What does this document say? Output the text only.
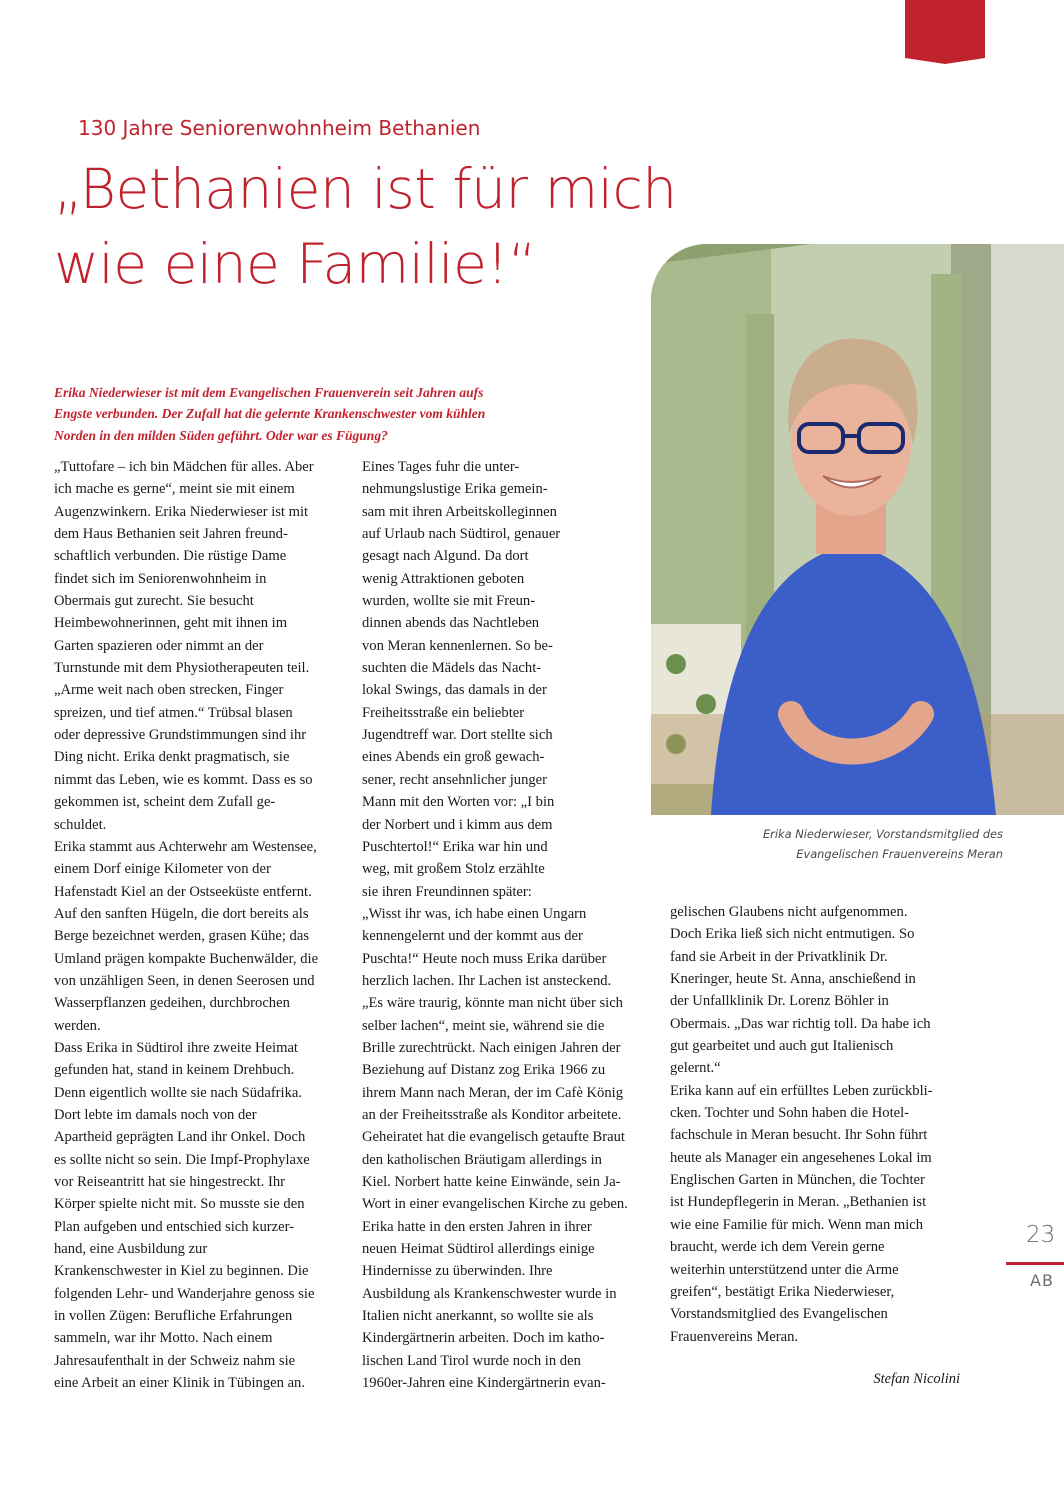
130 Jahre Seniorenwohnheim Bethanien
„Bethanien ist für mich
wie eine Familie!“
Erika Niederwieser ist mit dem Evangelischen Frauenverein seit Jahren aufs
Engste verbunden. Der Zufall hat die gelernte Krankenschwester vom kühlen
Norden in den milden Süden geführt. Oder war es Fügung?
„Tuttofare – ich bin Mädchen für alles. Aber
ich mache es gerne“, meint sie mit einem
Augenzwinkern. Erika Niederwieser ist mit
dem Haus Bethanien seit Jahren freund-
schaftlich verbunden. Die rüstige Dame
findet sich im Seniorenwohnheim in
Obermais gut zurecht. Sie besucht
Heimbewohnerinnen, geht mit ihnen im
Garten spazieren oder nimmt an der
Turnstunde mit dem Physiotherapeuten teil.
„Arme weit nach oben strecken, Finger
spreizen, und tief atmen.“ Trübsal blasen
oder depressive Grundstimmungen sind ihr
Ding nicht. Erika denkt pragmatisch, sie
nimmt das Leben, wie es kommt. Dass es so
gekommen ist, scheint dem Zufall ge-
schuldet.
Erika stammt aus Achterwehr am Westensee,
einem Dorf einige Kilometer von der
Hafenstadt Kiel an der Ostseeküste entfernt.
Auf den sanften Hügeln, die dort bereits als
Berge bezeichnet werden, grasen Kühe; das
Umland prägen kompakte Buchenwälder, die
von unzähligen Seen, in denen Seerosen und
Wasserpflanzen gedeihen, durchbrochen
werden.
Dass Erika in Südtirol ihre zweite Heimat
gefunden hat, stand in keinem Drehbuch.
Denn eigentlich wollte sie nach Südafrika.
Dort lebte im damals noch von der
Apartheid geprägten Land ihr Onkel. Doch
es sollte nicht so sein. Die Impf-Prophylaxe
vor Reiseantritt hat sie hingestreckt. Ihr
Körper spielte nicht mit. So musste sie den
Plan aufgeben und entschied sich kurzer-
hand, eine Ausbildung zur
Krankenschwester in Kiel zu beginnen. Die
folgenden Lehr- und Wanderjahre genoss sie
in vollen Zügen: Berufliche Erfahrungen
sammeln, war ihr Motto. Nach einem
Jahresaufenthalt in der Schweiz nahm sie
eine Arbeit an einer Klinik in Tübingen an.
Eines Tages fuhr die unter-
nehmungslustige Erika gemein-
sam mit ihren Arbeitskolleginnen
auf Urlaub nach Südtirol, genauer
gesagt nach Algund. Da dort
wenig Attraktionen geboten
wurden, wollte sie mit Freun-
dinnen abends das Nachtleben
von Meran kennenlernen. So be-
suchten die Mädels das Nacht-
lokal Swings, das damals in der
Freiheitsstraße ein beliebter
Jugendtreff war. Dort stellte sich
eines Abends ein groß gewach-
sener, recht ansehnlicher junger
Mann mit den Worten vor: „I bin
der Norbert und i kimm aus dem
Puschtertol!“ Erika war hin und
weg, mit großem Stolz erzählte
sie ihren Freundinnen später:
„Wisst ihr was, ich habe einen Ungarn
kennengelernt und der kommt aus der
Puschta!“ Heute noch muss Erika darüber
herzlich lachen. Ihr Lachen ist ansteckend.
„Es wäre traurig, könnte man nicht über sich
selber lachen“, meint sie, während sie die
Brille zurechtrückt. Nach einigen Jahren der
Beziehung auf Distanz zog Erika 1966 zu
ihrem Mann nach Meran, der im Cafè König
an der Freiheitsstraße als Konditor arbeitete.
Geheiratet hat die evangelisch getaufte Braut
den katholischen Bräutigam allerdings in
Kiel. Norbert hatte keine Einwände, sein Ja-
Wort in einer evangelischen Kirche zu geben.
Erika hatte in den ersten Jahren in ihrer
neuen Heimat Südtirol allerdings einige
Hindernisse zu überwinden. Ihre
Ausbildung als Krankenschwester wurde in
Italien nicht anerkannt, so wollte sie als
Kindergärtnerin arbeiten. Doch im katho-
lischen Land Tirol wurde noch in den
1960er-Jahren eine Kindergärtnerin evan-
gelischen Glaubens nicht aufgenommen.
Doch Erika ließ sich nicht entmutigen. So
fand sie Arbeit in der Privatklinik Dr.
Kneringer, heute St. Anna, anschießend in
der Unfallklinik Dr. Lorenz Böhler in
Obermais. „Das war richtig toll. Da habe ich
gut gearbeitet und auch gut Italienisch
gelernt.“
Erika kann auf ein erfülltes Leben zurückbli-
cken. Tochter und Sohn haben die Hotel-
fachschule in Meran besucht. Ihr Sohn führt
heute als Manager ein angesehenes Lokal im
Englischen Garten in München, die Tochter
ist Hundepflegerin in Meran. „Bethanien ist
wie eine Familie für mich. Wenn man mich
braucht, werde ich dem Verein gerne
weiterhin unterstützend unter die Arme
greifen“, bestätigt Erika Niederwieser,
Vorstandsmitglied des Evangelischen
Frauenvereins Meran.
Erika Niederwieser, Vorstandsmitglied des
Evangelischen Frauenvereins Meran
Stefan Nicolini
23
AB
